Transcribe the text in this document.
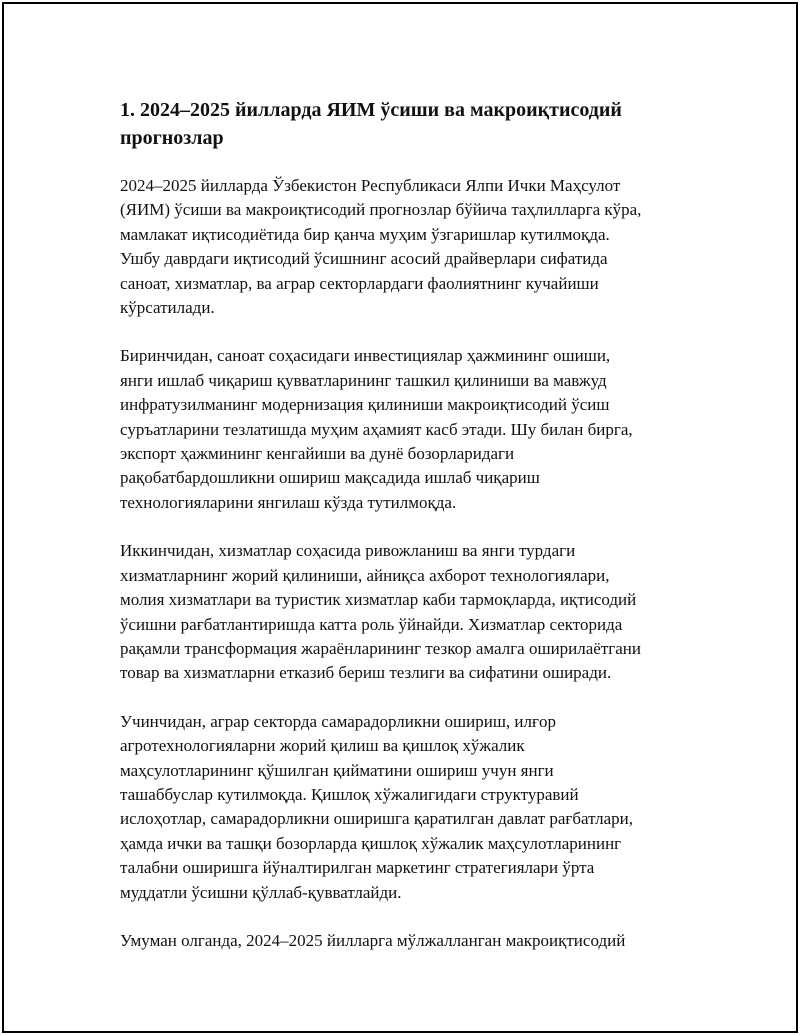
1. 2024–2025 йилларда ЯИМ ўсиши ва макроиқтисодий
прогнозлар

2024–2025 йилларда Ўзбекистон Республикаси Ялпи Ички Маҳсулот
(ЯИМ) ўсиши ва макроиқтисодий прогнозлар бўйича таҳлилларга кўра,
мамлакат иқтисодиётида бир қанча муҳим ўзгаришлар кутилмоқда.
Ушбу даврдаги иқтисодий ўсишнинг асосий драйверлари сифатида
саноат, хизматлар, ва аграр секторлардаги фаолиятнинг кучайиши
кўрсатилади.

Биринчидан, саноат соҳасидаги инвестициялар ҳажмининг ошиши,
янги ишлаб чиқариш қувватларининг ташкил қилиниши ва мавжуд
инфратузилманинг модернизация қилиниши макроиқтисодий ўсиш
суръатларини тезлатишда муҳим аҳамият касб этади. Шу билан бирга,
экспорт ҳажмининг кенгайиши ва дунё бозорларидаги
рақобатбардошликни ошириш мақсадида ишлаб чиқариш
технологияларини янгилаш кўзда тутилмоқда.

Иккинчидан, хизматлар соҳасида ривожланиш ва янги турдаги
хизматларнинг жорий қилиниши, айниқса ахборот технологиялари,
молия хизматлари ва туристик хизматлар каби тармоқларда, иқтисодий
ўсишни рағбатлантиришда катта роль ўйнайди. Хизматлар секторида
рақамли трансформация жараёнларининг тезкор амалга оширилаётгани
товар ва хизматларни етказиб бериш тезлиги ва сифатини оширади.

Учинчидан, аграр секторда самарадорликни ошириш, илғор
агротехнологияларни жорий қилиш ва қишлоқ хўжалик
маҳсулотларининг қўшилган қийматини ошириш учун янги
ташаббуслар кутилмоқда. Қишлоқ хўжалигидаги структуравий
ислоҳотлар, самарадорликни оширишга қаратилган давлат рағбатлари,
ҳамда ички ва ташқи бозорларда қишлоқ хўжалик маҳсулотларининг
талабни оширишга йўналтирилган маркетинг стратегиялари ўрта
муддатли ўсишни қўллаб-қувватлайди.

Умуман олганда, 2024–2025 йилларга мўлжалланган макроиқтисодий
